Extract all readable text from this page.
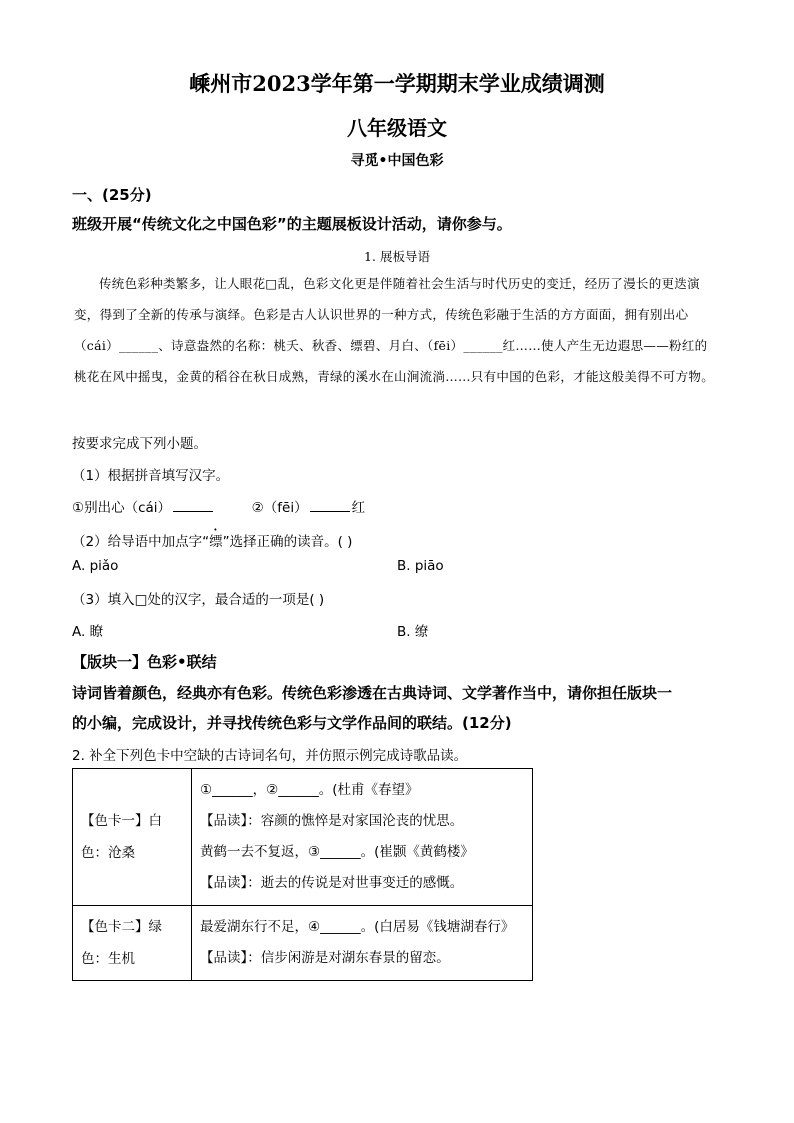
嵊州市2023学年第一学期期末学业成绩调测
八年级语文
寻觅•中国色彩
一、(25分)
班级开展“传统文化之中国色彩”的主题展板设计活动，请你参与。
1. 展板导语

传统色彩种类繁多，让人眼花□乱，色彩文化更是伴随着社会生活与时代历史的变迁，经历了漫长的更迭演变，得到了全新的传承与演绎。色彩是古人认识世界的一种方式，传统色彩融于生活的方方面面，拥有别出心（cái）______、诗意盎然的名称：桃夭、秋香、缥碧、月白、（fēi）______红……使人产生无边遐思——粉红的桃花在风中摇曳，金黄的稻谷在秋日成熟，青绿的溪水在山涧流淌……只有中国的色彩，才能这般美得不可方物。

按要求完成下列小题。
（1）根据拼音填写汉字。
①别出心（cái）	②（fēi）	红
（2）给导语中加点字“缥”选择正确的读音。( )
A. piǎo	B. piāo
（3）填入□处的汉字，最合适的一项是( )
A. 瞭	B. 缭
【版块一】色彩•联结
诗词皆着颜色，经典亦有色彩。传统色彩渗透在古典诗词、文学著作当中，请你担任版块一
的小编，完成设计，并寻找传统色彩与文学作品间的联结。(12分)
2. 补全下列色卡中空缺的古诗词名句，并仿照示例完成诗歌品读。
【色卡一】白色：沧桑	①______，②______。(杜甫《春望》
【品读】：容颜的憔悴是对家国沦丧的忧思。
黄鹤一去不复返，③______。(崔颢《黄鹤楼》
【品读】：逝去的传说是对世事变迁的感慨。

【色卡二】绿色：生机	最爱湖东行不足，④______。(白居易《钱塘湖春行》
【品读】：信步闲游是对湖东春景的留恋。
